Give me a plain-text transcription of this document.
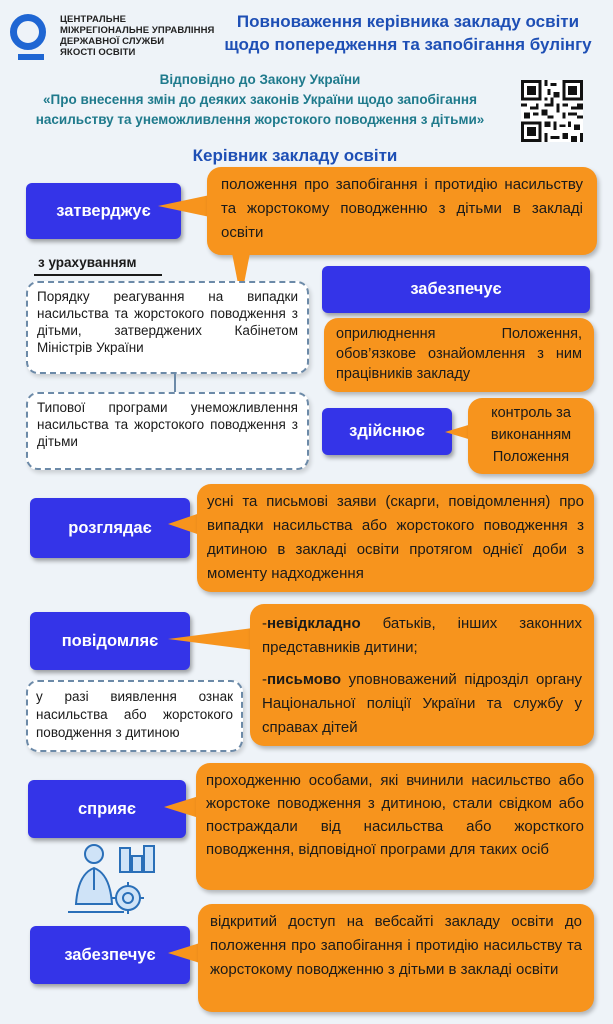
ЦЕНТРАЛЬНЕ
МІЖРЕГІОНАЛЬНЕ УПРАВЛІННЯ
ДЕРЖАВНОЇ СЛУЖБИ
ЯКОСТІ ОСВІТИ
Повноваження керівника закладу освіти
щодо попередження та запобігання булінгу
Відповідно до Закону України
«Про внесення змін до деяких законів України щодо запобігання
насильству та унеможливлення жорстокого поводження з дітьми»
Керівник закладу освіти
затверджує
положення про запобігання і протидію насильству та жорстокому поводженню з дітьми в закладі освіти
з урахуванням
Порядку реагування на випадки насильства та жорстокого поводження з дітьми, затверджених Кабінетом Міністрів України
Типової програми унеможливлення насильства та жорстокого поводження з дітьми
забезпечує
оприлюднення Положення, обов’язкове ознайомлення з ним працівників закладу
здійснює
контроль за виконанням Положення
розглядає
усні та письмові заяви (скарги, повідомлення) про випадки насильства або жорстокого поводження з дитиною в закладі освіти протягом однієї доби з моменту надходження
повідомляє
-невідкладно батьків, інших законних представників дитини;
-письмово уповноважений підрозділ органу Національної поліції України та службу у справах дітей
у разі виявлення ознак насильства або жорстокого поводження з дитиною
сприяє
проходженню особами, які вчинили насильство або жорстоке поводження з дитиною, стали свідком або постраждали від насильства або жорсткого поводження, відповідної програми для таких осіб
забезпечує
відкритий доступ на вебсайті закладу освіти до положення про запобігання і протидію насильству та жорстокому поводженню з дітьми в закладі освіти
